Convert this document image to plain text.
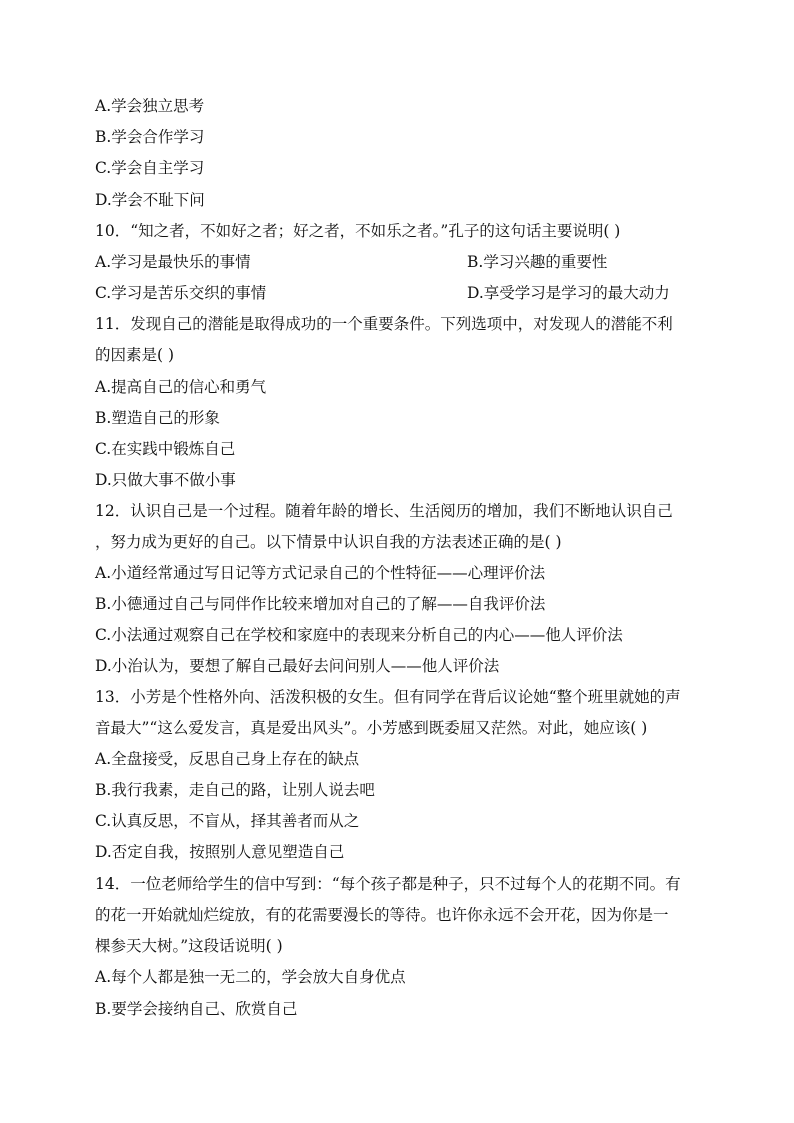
A.学会独立思考
B.学会合作学习
C.学会自主学习
D.学会不耻下问
10．“知之者，不如好之者；好之者，不如乐之者。”孔子的这句话主要说明( )
A.学习是最快乐的事情	B.学习兴趣的重要性
C.学习是苦乐交织的事情	D.享受学习是学习的最大动力
11．发现自己的潜能是取得成功的一个重要条件。下列选项中，对发现人的潜能不利
的因素是( )
A.提高自己的信心和勇气
B.塑造自己的形象
C.在实践中锻炼自己
D.只做大事不做小事
12．认识自己是一个过程。随着年龄的增长、生活阅历的增加，我们不断地认识自己
，努力成为更好的自己。以下情景中认识自我的方法表述正确的是( )
A.小道经常通过写日记等方式记录自己的个性特征——心理评价法
B.小德通过自己与同伴作比较来增加对自己的了解——自我评价法
C.小法通过观察自己在学校和家庭中的表现来分析自己的内心——他人评价法
D.小治认为，要想了解自己最好去问问别人——他人评价法
13．小芳是个性格外向、活泼积极的女生。但有同学在背后议论她“整个班里就她的声
音最大”“这么爱发言，真是爱出风头”。小芳感到既委屈又茫然。对此，她应该( )
A.全盘接受，反思自己身上存在的缺点
B.我行我素，走自己的路，让别人说去吧
C.认真反思，不盲从，择其善者而从之
D.否定自我，按照别人意见塑造自己
14．一位老师给学生的信中写到：“每个孩子都是种子，只不过每个人的花期不同。有
的花一开始就灿烂绽放，有的花需要漫长的等待。也许你永远不会开花，因为你是一
棵参天大树。”这段话说明( )
A.每个人都是独一无二的，学会放大自身优点
B.要学会接纳自己、欣赏自己
